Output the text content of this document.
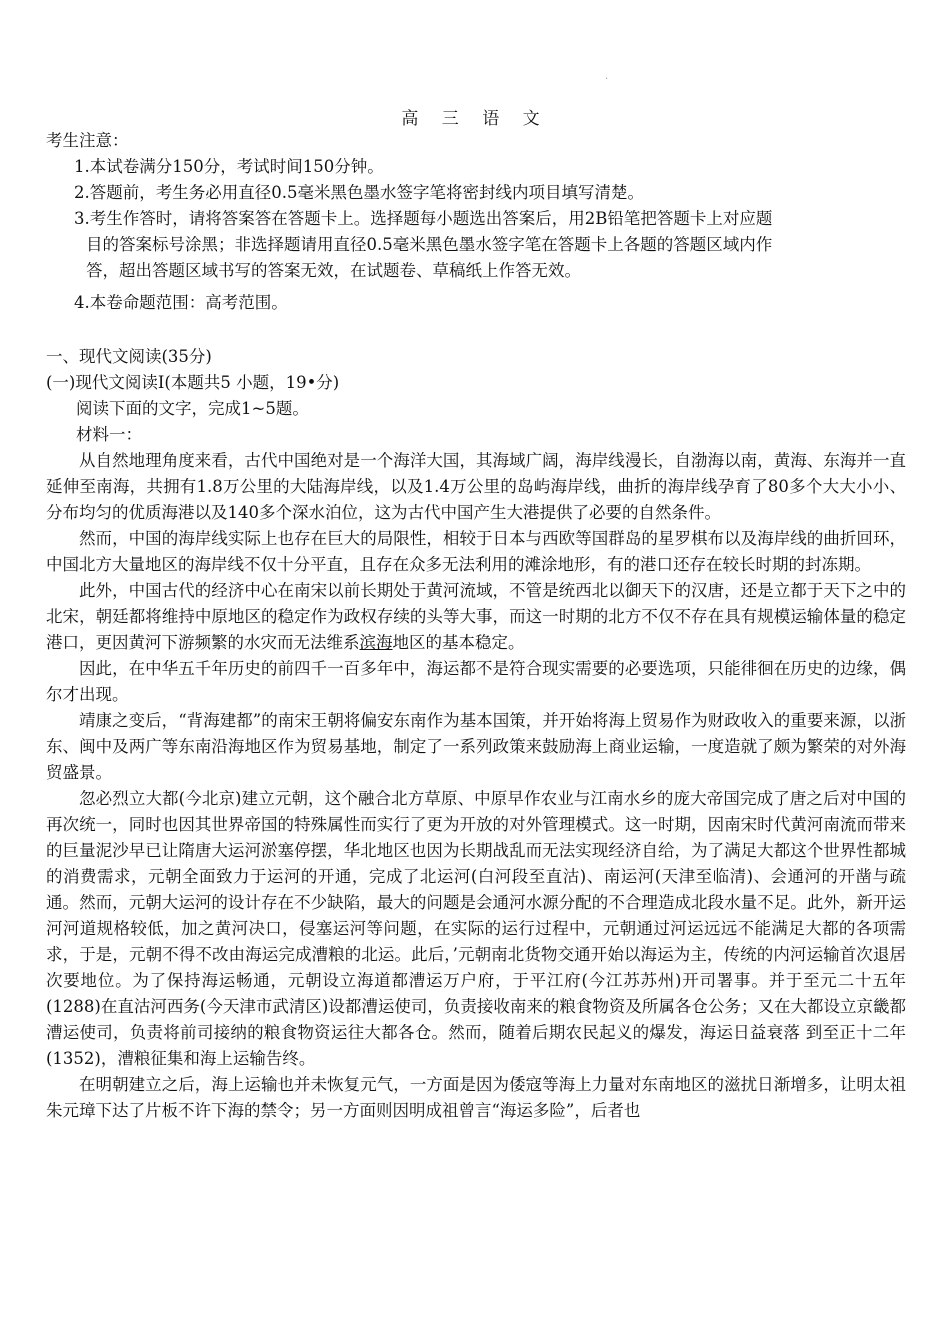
·
高 三 语 文

考生注意：

1.本试卷满分150分，考试时间150分钟。

2.答题前，考生务必用直径0.5毫米黑色墨水签字笔将密封线内项目填写清楚。

3.考生作答时，请将答案答在答题卡上。选择题每小题选出答案后，用2B铅笔把答题卡上对应题

目的答案标号涂黑；非选择题请用直径0.5毫米黑色墨水签字笔在答题卡上各题的答题区域内作

答，超出答题区域书写的答案无效，在试题卷、草稿纸上作答无效。

4.本卷命题范围：高考范围。

一、现代文阅读(35分)

(一)现代文阅读Ⅰ(本题共5 小题，19•分)

阅读下面的文字，完成1~5题。

材料一：

从自然地理角度来看，古代中国绝对是一个海洋大国，其海域广阔，海岸线漫长，自渤海以南，黄海、东海并一直延伸至南海，共拥有1.8万公里的大陆海岸线，以及1.4万公里的岛屿海岸线，曲折的海岸线孕育了80多个大大小小、分布均匀的优质海港以及140多个深水泊位，这为古代中国产生大港提供了必要的自然条件。

然而，中国的海岸线实际上也存在巨大的局限性，相较于日本与西欧等国群岛的星罗棋布以及海岸线的曲折回环，中国北方大量地区的海岸线不仅十分平直，且存在众多无法利用的滩涂地形，有的港口还存在较长时期的封冻期。

此外，中国古代的经济中心在南宋以前长期处于黄河流域，不管是统西北以御天下的汉唐，还是立都于天下之中的北宋，朝廷都将维持中原地区的稳定作为政权存续的头等大事，而这一时期的北方不仅不存在具有规模运输体量的稳定港口，更因黄河下游频繁的水灾而无法维系滨海地区的基本稳定。

因此，在中华五千年历史的前四千一百多年中，海运都不是符合现实需要的必要选项，只能徘徊在历史的边缘，偶尔才出现。

靖康之变后，“背海建都”的南宋王朝将偏安东南作为基本国策，并开始将海上贸易作为财政收入的重要来源，以浙东、闽中及两广等东南沿海地区作为贸易基地，制定了一系列政策来鼓励海上商业运输，一度造就了颇为繁荣的对外海贸盛景。

忽必烈立大都(今北京)建立元朝，这个融合北方草原、中原早作农业与江南水乡的庞大帝国完成了唐之后对中国的再次统一，同时也因其世界帝国的特殊属性而实行了更为开放的对外管理模式。这一时期，因南宋时代黄河南流而带来的巨量泥沙早已让隋唐大运河淤塞停摆，华北地区也因为长期战乱而无法实现经济自给，为了满足大都这个世界性都城的消费需求，元朝全面致力于运河的开通，完成了北运河(白河段至直沽)、南运河(天津至临清)、会通河的开凿与疏通。然而，元朝大运河的设计存在不少缺陷，最大的问题是会通河水源分配的不合理造成北段水量不足。此外，新开运河河道规格较低，加之黄河决口，侵塞运河等问题，在实际的运行过程中，元朝通过河运远远不能满足大都的各项需求，于是，元朝不得不改由海运完成漕粮的北运。此后，’元朝南北货物交通开始以海运为主，传统的内河运输首次退居次要地位。为了保持海运畅通，元朝设立海道都漕运万户府，于平江府(今江苏苏州)开司署事。并于至元二十五年(1288)在直沽河西务(今天津市武清区)设都漕运使司，负责接收南来的粮食物资及所属各仓公务；又在大都设立京畿都漕运使司，负责将前司接纳的粮食物资运往大都各仓。然而，随着后期农民起义的爆发，海运日益衰落 到至正十二年(1352)，漕粮征集和海上运输告终。

在明朝建立之后，海上运输也并未恢复元气，一方面是因为倭寇等海上力量对东南地区的滋扰日渐增多，让明太祖朱元璋下达了片板不许下海的禁令；另一方面则因明成祖曾言“海运多险”，后者也
